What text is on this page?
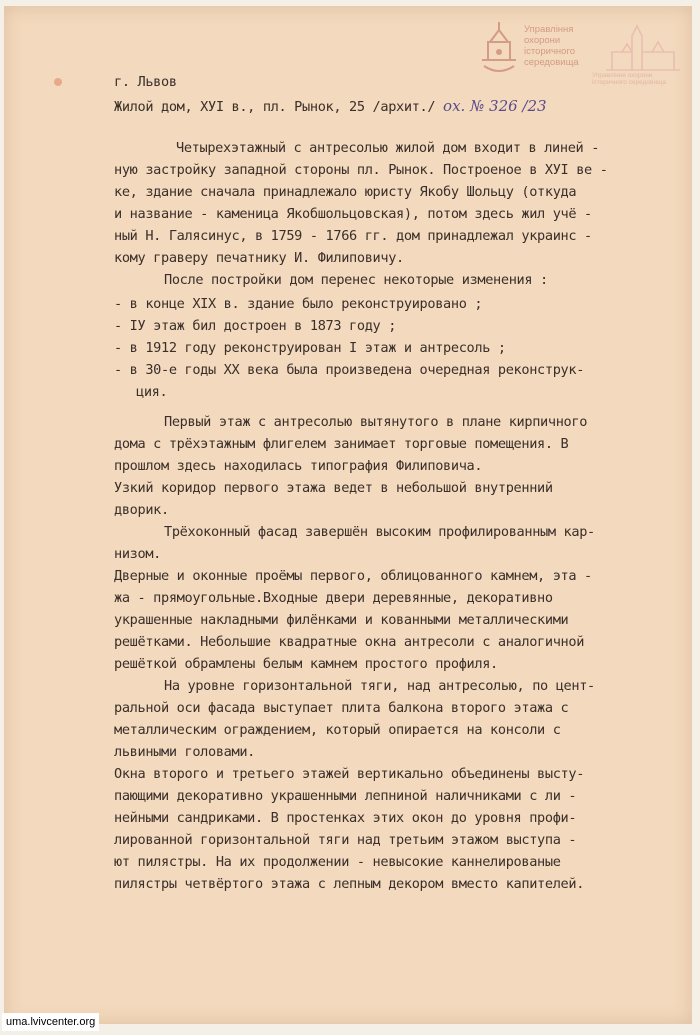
Управління
охорони
історичного
середовища
Управління охорони історичного середовища

г. Львов

Жилой дом, ХУI в., пл. Рынок, 25 /архит./ ох. № 326 /23

Четырехэтажный с антресолью жилой дом входит в линей -

ную застройку западной стороны пл. Рынок. Построеное в ХУI ве -

ке, здание сначала принадлежало юристу Якобу Шольцу (откуда

и название - каменица Якобшольцовская), потом здесь жил учё -

ный Н. Галясинус, в 1759 - 1766 гг. дом принадлежал украинс -

кому граверу печатнику И. Филиповичу.

После постройки дом перенес некоторые изменения :

- в конце XIX в. здание было реконструировано ;

- IУ этаж бил достроен в 1873 году ;

- в 1912 году реконструирован I этаж и антресоль ;

- в 30-е годы XX века была произведена очередная реконструк-

ция.

Первый этаж с антресолью вытянутого в плане кирпичного

дома с трёхэтажным флигелем занимает торговые помещения. В

прошлом здесь находилась типография Филиповича.

Узкий коридор первого этажа ведет в небольшой внутренний

дворик.

Трёхоконный фасад завершён высоким профилированным кар-

низом.

Дверные и оконные проёмы первого, облицованного камнем, эта -

жа - прямоугольные.Входные двери деревянные, декоративно

украшенные накладными филёнками и кованными металлическими

решётками. Небольшие квадратные окна антресоли с аналогичной

решёткой обрамлены белым камнем простого профиля.

На уровне горизонтальной тяги, над антресолью, по цент-

ральной оси фасада выступает плита балкона второго этажа с

металлическим ограждением, который опирается на консоли с

львиными головами.

Окна второго и третьего этажей вертикально объединены высту-

пающими декоративно украшенными лепниной наличниками с ли -

нейными сандриками. В простенках этих окон до уровня профи-

лированной горизонтальной тяги над третьим этажом выступа -

ют пилястры. На их продолжении - невысокие каннелированые

пилястры четвёртого этажа с лепным декором вместо капителей.

uma.lvivcenter.org
